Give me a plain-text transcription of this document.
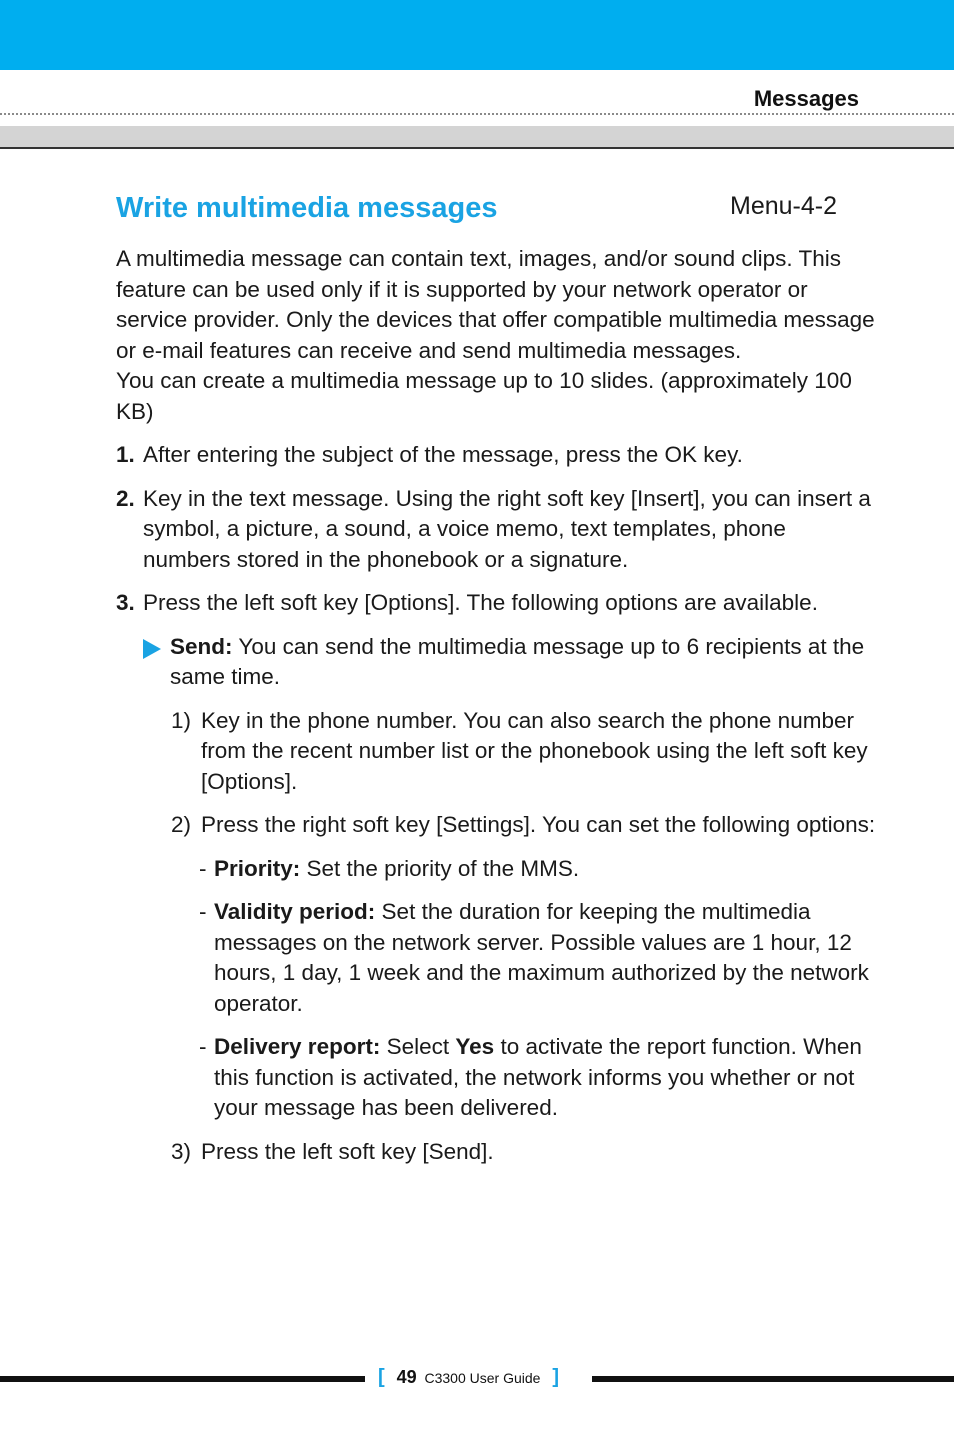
Messages
Write multimedia messages	Menu-4-2

A multimedia message can contain text, images, and/or sound clips. This feature can be used only if it is supported by your network operator or service provider. Only the devices that offer compatible multimedia message or e-mail features can receive and send multimedia messages.

You can create a multimedia message up to 10 slides. (approximately 100 KB)

1. After entering the subject of the message, press the OK key.
2. Key in the text message. Using the right soft key [Insert], you can insert a symbol, a picture, a sound, a voice memo, text templates, phone numbers stored in the phonebook or a signature.
3. Press the left soft key [Options]. The following options are available.
Send: You can send the multimedia message up to 6 recipients at the same time.
1) Key in the phone number. You can also search the phone number from the recent number list or the phonebook using the left soft key [Options].
2) Press the right soft key [Settings]. You can set the following options:
- Priority: Set the priority of the MMS.
- Validity period: Set the duration for keeping the multimedia messages on the network server. Possible values are 1 hour, 12 hours, 1 day, 1 week and the maximum authorized by the network operator.
- Delivery report: Select Yes to activate the report function. When this function is activated, the network informs you whether or not your message has been delivered.
3) Press the left soft key [Send].
[ 49 C3300 User Guide ]
